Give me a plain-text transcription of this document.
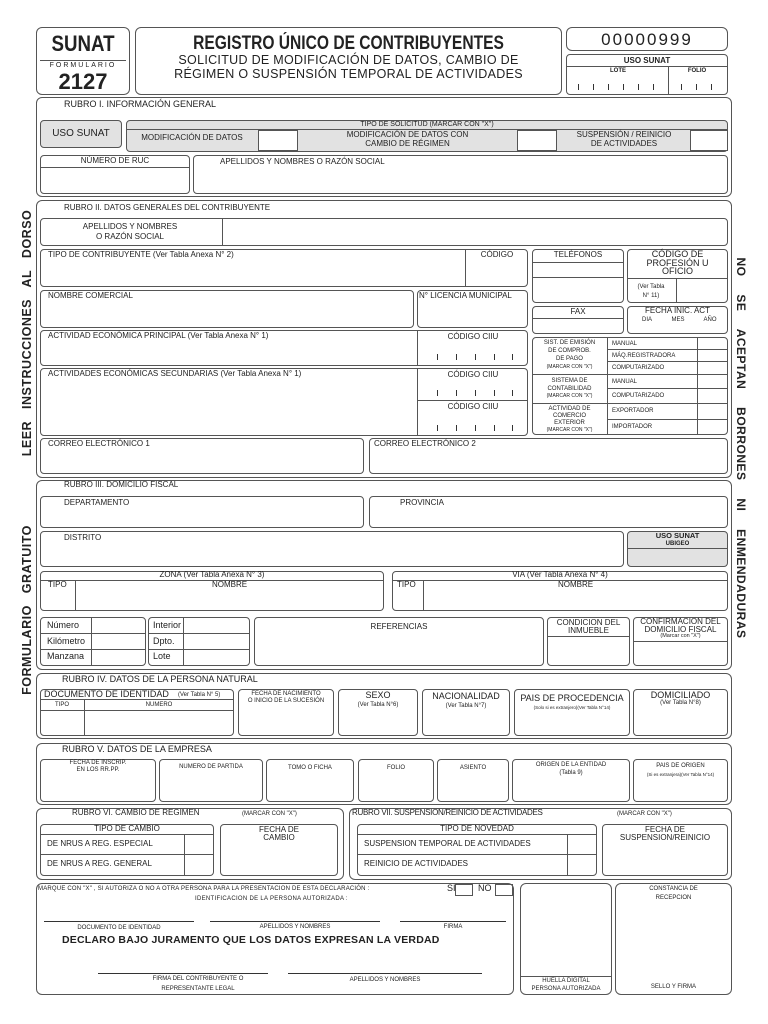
SUNAT
FORMULARIO
2127
REGISTRO ÚNICO DE CONTRIBUYENTES
SOLICITUD DE MODIFICACIÓN DE DATOS, CAMBIO DE
RÉGIMEN O SUSPENSIÓN TEMPORAL DE ACTIVIDADES
00000999
USO SUNAT
LOTE	FOLIO
LEER INSTRUCCIONES AL DORSO
FORMULARIO GRATUITO	NO SE ACEPTAN BORRONES NI ENMENDADURAS
RUBRO I. INFORMACIÓN GENERAL
USO SUNAT
TIPO DE SOLICITUD (MARCAR CON "X")
MODIFICACIÓN DE DATOS	MODIFICACIÓN DE DATOS CON
CAMBIO DE RÉGIMEN
SUSPENSIÓN / REINICIO
DE ACTIVIDADES
NÚMERO DE RUC	APELLIDOS Y NOMBRES O RAZÓN SOCIAL
RUBRO II. DATOS GENERALES DEL CONTRIBUYENTE
APELLIDOS Y NOMBRES
O RAZÓN SOCIAL
TIPO DE CONTRIBUYENTE (Ver Tabla Anexa N° 2)	CÓDIGO	TELÉFONOS	CÓDIGO DE
PROFESIÓN U
OFICIO
(Ver Tabla
N° 11)
NOMBRE COMERCIAL	N° LICENCIA MUNICIPAL
FAX	FECHA INIC. ACT
DIA	MES	AÑO
ACTIVIDAD ECONÓMICA PRINCIPAL (Ver Tabla Anexa N° 1)	CÓDIGO CIIU
ACTIVIDADES ECONÓMICAS SECUNDARIAS (Ver Tabla Anexa N° 1)	CÓDIGO CIIU
CÓDIGO CIIU
SIST. DE EMISIÓN
DE COMPROB.
DE PAGO
(MARCAR CON "X")
MANUAL
MÁQ.REGISTRADORA
COMPUTARIZADO
SISTEMA DE
CONTABILIDAD
(MARCAR CON "X")
MANUAL
COMPUTARIZADO
ACTIVIDAD DE
COMERCIO
EXTERIOR
(MARCAR CON "X")
EXPORTADOR
IMPORTADOR
CORREO ELECTRÓNICO 1	CORREO ELECTRÓNICO 2
RUBRO III. DOMICILIO FISCAL
DEPARTAMENTO	PROVINCIA
DISTRITO	USO SUNAT
UBIGEO
ZONA (Ver Tabla Anexa N° 3)
TIPO	NOMBRE
VIA (Ver Tabla Anexa N° 4)
TIPO	NOMBRE
Número
Kilómetro
Manzana
Interior
Dpto.
Lote
REFERENCIAS	CONDICION DEL
INMUEBLE
CONFIRMACION DEL
DOMICILIO FISCAL
(Marcar con "X")
RUBRO IV. DATOS DE LA PERSONA NATURAL
DOCUMENTO DE IDENTIDAD (Ver Tabla N° 5)
TIPO	NUMERO
FECHA DE NACIMIENTO
O INICIO DE LA SUCESIÓN
SEXO
(Ver Tabla N°6)
NACIONALIDAD
(Ver Tabla N°7)
PAIS DE PROCEDENCIA
(Solo si es extranjero)(Ver Tabla N°14)
DOMICILIADO
(Ver Tabla N°8)
RUBRO V. DATOS DE LA EMPRESA
FECHA DE INSCRIP.
EN LOS RR.PP.	NUMERO DE PARTIDA	TOMO O FICHA	FOLIO	ASIENTO	ORIGEN DE LA ENTIDAD
(Tabla 9)
PAIS DE ORIGEN
(Si es extranjera)(Ver Tabla N°14)
RUBRO VI. CAMBIO DE REGIMEN	(MARCAR CON "X")
TIPO DE CAMBIO
DE NRUS A REG. ESPECIAL
DE NRUS A REG. GENERAL
FECHA DE
CAMBIO
RUBRO VII. SUSPENSION/REINICIO DE ACTIVIDADES	(MARCAR CON "X")
TIPO DE NOVEDAD
SUSPENSION TEMPORAL DE ACTIVIDADES
REINICIO DE ACTIVIDADES
FECHA DE
SUSPENSION/REINICIO
MARQUE CON "X" , SI AUTORIZA O NO A OTRA PERSONA PARA LA PRESENTACION DE ESTA DECLARACIÓN :	SI NO
IDENTIFICACION DE LA PERSONA AUTORIZADA :
DOCUMENTO DE IDENTIDAD	APELLIDOS Y NOMBRES	FIRMA
DECLARO BAJO JURAMENTO QUE LOS DATOS EXPRESAN LA VERDAD
FIRMA DEL CONTRIBUYENTE O
REPRESENTANTE LEGAL
APELLIDOS Y NOMBRES	HUELLA DIGITAL
PERSONA AUTORIZADA
CONSTANCIA DE
RECEPCION
SELLO Y FIRMA
